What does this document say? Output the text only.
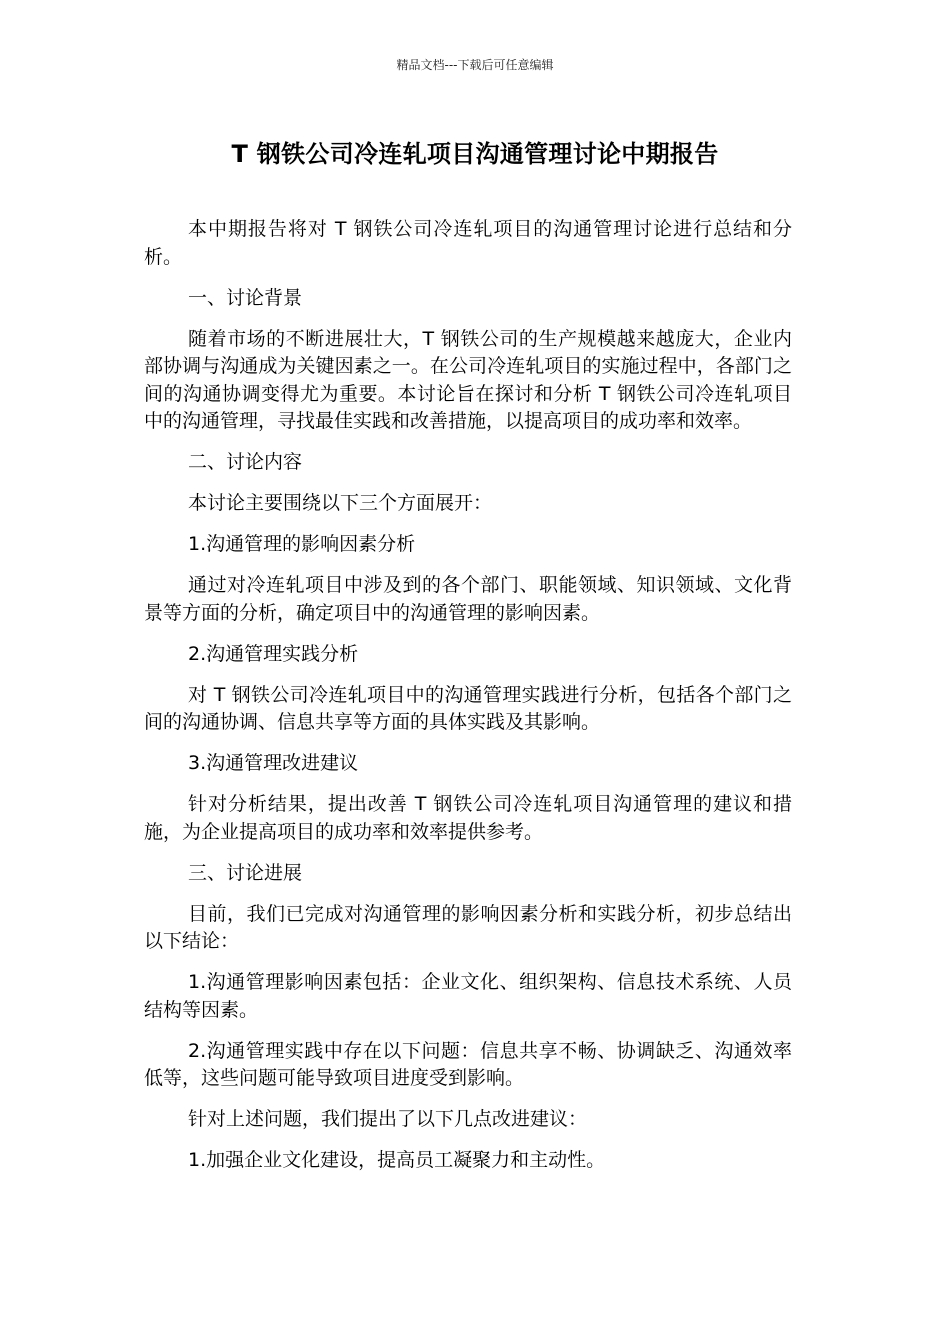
精品文档---下载后可任意编辑
T 钢铁公司冷连轧项目沟通管理讨论中期报告

本中期报告将对 T 钢铁公司冷连轧项目的沟通管理讨论进行总结和分析。

一、讨论背景

随着市场的不断进展壮大，T 钢铁公司的生产规模越来越庞大，企业内部协调与沟通成为关键因素之一。在公司冷连轧项目的实施过程中，各部门之间的沟通协调变得尤为重要。本讨论旨在探讨和分析 T 钢铁公司冷连轧项目中的沟通管理，寻找最佳实践和改善措施，以提高项目的成功率和效率。

二、讨论内容

本讨论主要围绕以下三个方面展开：

1.沟通管理的影响因素分析

通过对冷连轧项目中涉及到的各个部门、职能领域、知识领域、文化背景等方面的分析，确定项目中的沟通管理的影响因素。

2.沟通管理实践分析

对 T 钢铁公司冷连轧项目中的沟通管理实践进行分析，包括各个部门之间的沟通协调、信息共享等方面的具体实践及其影响。

3.沟通管理改进建议

针对分析结果，提出改善 T 钢铁公司冷连轧项目沟通管理的建议和措施，为企业提高项目的成功率和效率提供参考。

三、讨论进展

目前，我们已完成对沟通管理的影响因素分析和实践分析，初步总结出以下结论：

1.沟通管理影响因素包括：企业文化、组织架构、信息技术系统、人员结构等因素。

2.沟通管理实践中存在以下问题：信息共享不畅、协调缺乏、沟通效率低等，这些问题可能导致项目进度受到影响。

针对上述问题，我们提出了以下几点改进建议：

1.加强企业文化建设，提高员工凝聚力和主动性。
